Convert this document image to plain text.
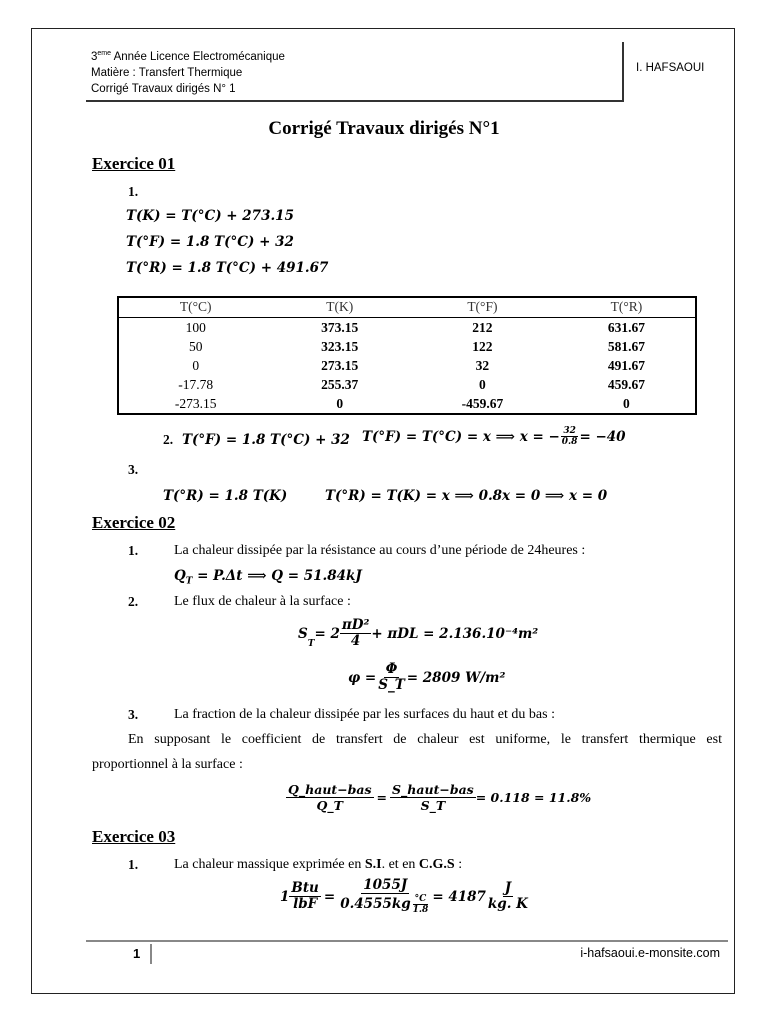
3eme Année Licence Electromécanique
Matière : Transfert Thermique
Corrigé Travaux dirigés N° 1
I. HAFSAOUI
Corrigé Travaux dirigés N°1
Exercice 01
1.
T(K) = T(°C) + 273.15
T(°F) = 1.8 T(°C) + 32
T(°R) = 1.8 T(°C) + 491.67
T(°C)	T(K)	T(°F)	T(°R)
100	373.15	212	631.67
50	323.15	122	581.67
0	273.15	32	491.67
-17.78	255.37	0	459.67
-273.15	0	-459.67	0
2. T(°F) = 1.8 T(°C) + 32 T(°F) = T(°C) = x ⟹ x = − $\frac{32}{0.8} = -40$
3.
T(°R) = 1.8 T(K)	T(°R) = T(K) = x ⟹ 0.8x = 0 ⟹ x = 0
Exercice 02
1.	La chaleur dissipée par la résistance au cours d’une période de 24heures :
$Q_T = P.\Delta t$ ⟹ Q = 51.84kJ
2.	Le flux de chaleur à la surface :
S
$_T$
= $2 \frac{\text{πD²}}{4} + \pi DL = 2.136.10^{-4}m^2$
$\varphi = \frac{\Phi}{S\_T} = 2809$ W/m²
3.	La fraction de la chaleur dissipée par les surfaces du haut et du bas :
En supposant le coefficient de transfert de chaleur est uniforme, le transfert thermique est
proportionnel à la surface :
$\frac{\text{Q\_haut−bas}}{Q\_T} = \frac{\text{S\_haut−bas}}{S\_T} = 0.118 = 11.8\%$
Exercice 03
1.	La chaleur massique exprimée en S.I. et en C.G.S :
$1 \frac{\text{Btu}}{\text{lbF}} = \frac{1055J}{0.4555kg \frac{^\circ C}{1.8}} = 4187 \frac{J}{kg. K}$
1	i-hafsaoui.e-monsite.com
